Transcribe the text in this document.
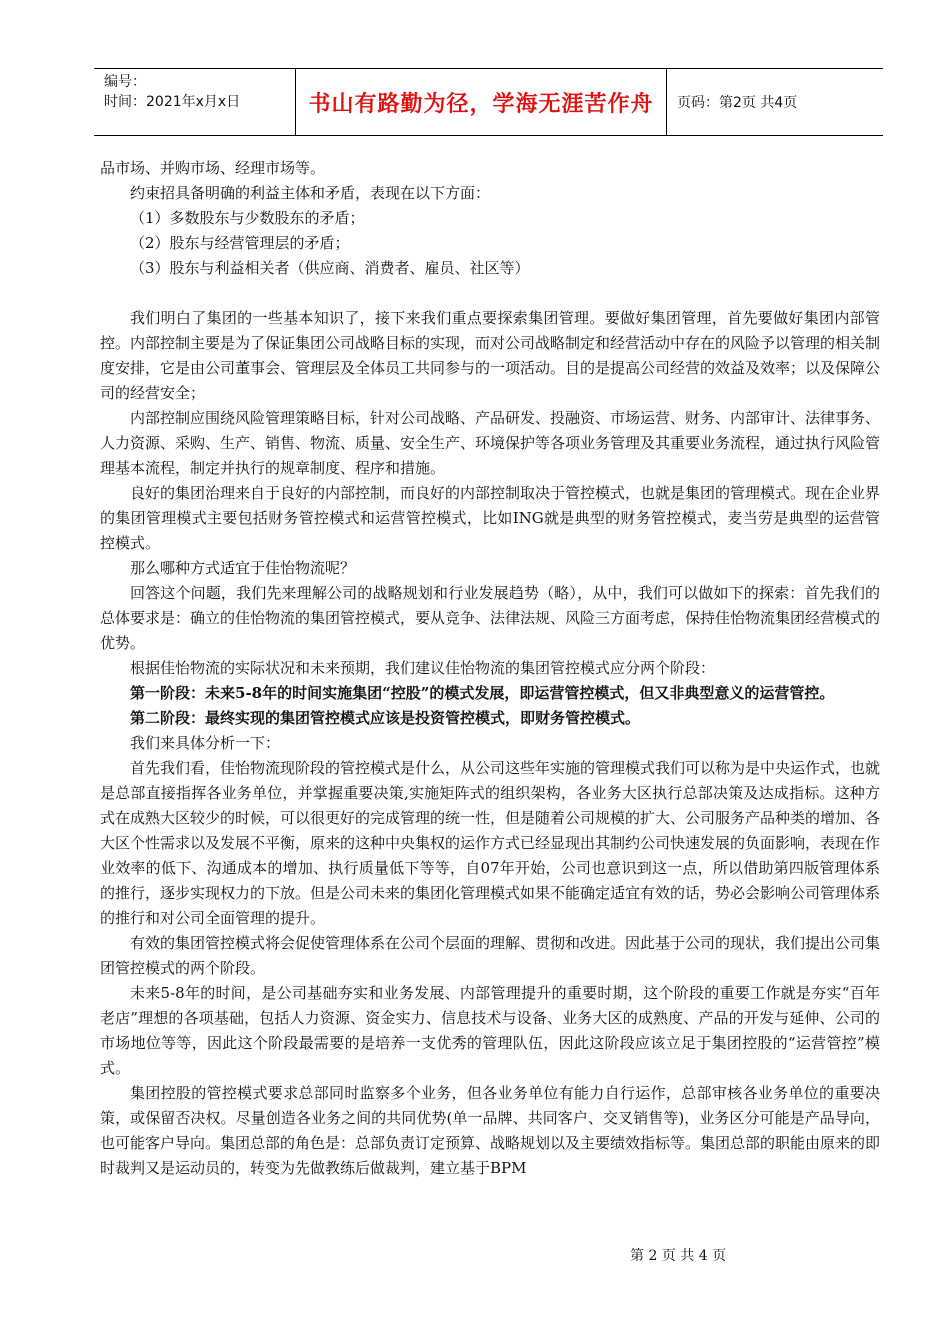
编号：
时间：2021年x月x日	书山有路勤为径，学海无涯苦作舟	页码：第2页 共4页

品市场、并购市场、经理市场等。

约束招具备明确的利益主体和矛盾，表现在以下方面：

（1）多数股东与少数股东的矛盾；

（2）股东与经营管理层的矛盾；

（3）股东与利益相关者（供应商、消费者、雇员、社区等）

我们明白了集团的一些基本知识了，接下来我们重点要探索集团管理。要做好集团管理，首先要做好集团内部管控。内部控制主要是为了保证集团公司战略目标的实现，而对公司战略制定和经营活动中存在的风险予以管理的相关制度安排，它是由公司董事会、管理层及全体员工共同参与的一项活动。目的是提高公司经营的效益及效率；以及保障公司的经营安全；

内部控制应围绕风险管理策略目标，针对公司战略、产品研发、投融资、市场运营、财务、内部审计、法律事务、人力资源、采购、生产、销售、物流、质量、安全生产、环境保护等各项业务管理及其重要业务流程，通过执行风险管理基本流程，制定并执行的规章制度、程序和措施。

良好的集团治理来自于良好的内部控制，而良好的内部控制取决于管控模式，也就是集团的管理模式。现在企业界的集团管理模式主要包括财务管控模式和运营管控模式，比如ING就是典型的财务管控模式，麦当劳是典型的运营管控模式。

那么哪种方式适宜于佳怡物流呢？

回答这个问题，我们先来理解公司的战略规划和行业发展趋势（略），从中，我们可以做如下的探索：首先我们的总体要求是：确立的佳怡物流的集团管控模式，要从竞争、法律法规、风险三方面考虑，保持佳怡物流集团经营模式的优势。

根据佳怡物流的实际状况和未来预期，我们建议佳怡物流的集团管控模式应分两个阶段：

第一阶段：未来5-8年的时间实施集团“控股”的模式发展，即运营管控模式，但又非典型意义的运营管控。

第二阶段：最终实现的集团管控模式应该是投资管控模式，即财务管控模式。

我们来具体分析一下：

首先我们看，佳怡物流现阶段的管控模式是什么，从公司这些年实施的管理模式我们可以称为是中央运作式，也就是总部直接指挥各业务单位，并掌握重要决策,实施矩阵式的组织架构，各业务大区执行总部决策及达成指标。这种方式在成熟大区较少的时候，可以很更好的完成管理的统一性，但是随着公司规模的扩大、公司服务产品种类的增加、各大区个性需求以及发展不平衡，原来的这种中央集权的运作方式已经显现出其制约公司快速发展的负面影响，表现在作业效率的低下、沟通成本的增加、执行质量低下等等，自07年开始，公司也意识到这一点，所以借助第四版管理体系的推行，逐步实现权力的下放。但是公司未来的集团化管理模式如果不能确定适宜有效的话，势必会影响公司管理体系的推行和对公司全面管理的提升。

有效的集团管控模式将会促使管理体系在公司个层面的理解、贯彻和改进。因此基于公司的现状，我们提出公司集团管控模式的两个阶段。

未来5-8年的时间，是公司基础夯实和业务发展、内部管理提升的重要时期，这个阶段的重要工作就是夯实“百年老店”理想的各项基础，包括人力资源、资金实力、信息技术与设备、业务大区的成熟度、产品的开发与延伸、公司的市场地位等等，因此这个阶段最需要的是培养一支优秀的管理队伍，因此这阶段应该立足于集团控股的“运营管控”模式。

集团控股的管控模式要求总部同时监察多个业务，但各业务单位有能力自行运作，总部审核各业务单位的重要决策，或保留否决权。尽量创造各业务之间的共同优势(单一品牌、共同客户、交叉销售等)，业务区分可能是产品导向，也可能客户导向。集团总部的角色是：总部负责订定预算、战略规划以及主要绩效指标等。集团总部的职能由原来的即时裁判又是运动员的，转变为先做教练后做裁判，建立基于BPM

第 2 页 共 4 页
